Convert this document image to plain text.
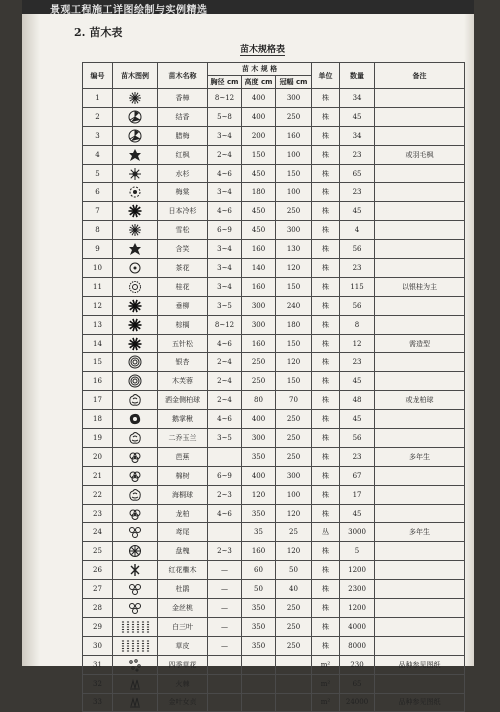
景观工程施工详图绘制与实例精选
2. 苗木表
苗木规格表
编号	苗木图例	苗木名称	苗 木 规 格			单位	数量	备注
			胸径 cm	高度 cm	冠幅 cm			
1		香樟	8~12	400	300	株	34	
2		结香	5~8	400	250	株	45	
3		腊梅	3~4	200	160	株	34	
4		红枫	2~4	150	100	株	23	或羽毛枫
5		水杉	4~6	450	150	株	65	
6		梅棠	3~4	180	100	株	23	
7		日本冷杉	4~6	450	250	株	45	
8		雪松	6~9	450	300	株	4	
9		含笑	3~4	160	130	株	56	
10		茶花	3~4	140	120	株	23	
11		桂花	3~4	160	150	株	115	以银桂为主
12		垂柳	3~5	300	240	株	56	
13		棕榈	8~12	300	180	株	8	
14		五针松	4~6	160	150	株	12	需造型
15		银杏	2~4	250	120	株	23	
16		木芙蓉	2~4	250	150	株	45	
17		洒金侧柏球	2~4	80	70	株	48	或龙柏球
18		鹅掌楸	4~6	400	250	株	45	
19		二乔玉兰	3~5	300	250	株	56	
20		芭蕉		350	250	株	23	多年生
21		棉树	6~9	400	300	株	67	
22		海桐球	2~3	120	100	株	17	
23		龙柏	4~6	350	120	株	45	
24		鸢尾		35	25	丛	3000	多年生
25		盘槐	2~3	160	120	株	5	
26		红花檵木	—	60	50	株	1200	
27		杜鹃	—	50	40	株	2300	
28		金丝桃	—	350	250	株	1200	
29		白三叶	—	350	250	株	4000	
30		草皮	—	350	250	株	8000	
31		四季草花				m²	230	品种参见图纸
32		火棘				m²	65	
33		金叶女贞				m²	24000	品种参见图纸
